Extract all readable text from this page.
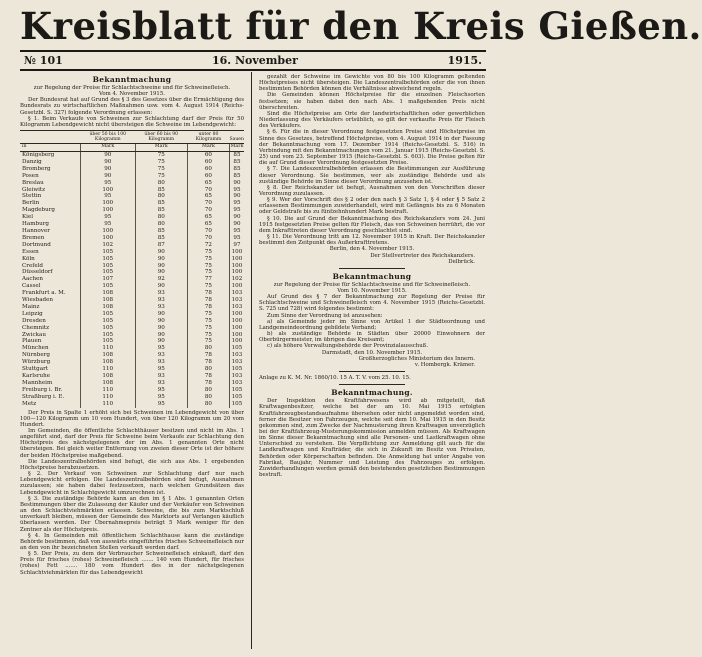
Kreisblatt für den Kreis Gießen.
№ 101	16. November	1915.
Bekanntmachung
zur Regelung der Preise für Schlachtschweine und für Schweinefleisch.
Vom 4. November 1915.

Der Bundesrat hat auf Grund des § 3 des Gesetzes über die Ermächtigung des Bundesrats zu wirtschaftlichen Maßnahmen usw. vom 4. August 1914 (Reichs-Gesetzbl. S. 327) folgende Verordnung erlassen:

§ 1. Beim Verkaufe von Schweinen zur Schlachtung darf der Preis für 50 Kilogramm Lebendgewicht nicht übersteigen die Schweine im Lebendgewicht:

	über 50 bis 100 Kilogramm	über 60 bis 90 Kilogramm	unter 80 Kilogramm	Sauen
in	Mark	Mark	Mark	Mark
Königsberg	90	75	60	85
Danzig	90	75	60	85
Bromberg	90	75	60	85
Posen	90	75	60	85
Breslau	95	80	65	90
Gleiwitz	100	85	70	95
Stettin	95	80	65	90
Berlin	100	85	70	95
Magdeburg	100	85	70	95
Kiel	95	80	65	90
Hamburg	95	80	65	90
Hannover	100	85	70	95
Bremen	100	85	70	95
Dortmund	102	87	72	97
Essen	105	90	75	100
Köln	105	90	75	100
Crefeld	105	90	75	100
Düsseldorf	105	90	75	100
Aachen	107	92	77	102
Cassel	105	90	75	100
Frankfurt a. M.	108	93	78	103
Wiesbaden	108	93	78	103
Mainz	108	93	78	103
Leipzig	105	90	75	100
Dresden	105	90	75	100
Chemnitz	105	90	75	100
Zwickau	105	90	75	100
Plauen	105	90	75	100
München	110	95	80	105
Nürnberg	108	93	78	103
Würzburg	108	93	78	103
Stuttgart	110	95	80	105
Karlsruhe	108	93	78	103
Mannheim	108	93	78	103
Freiburg i. Br.	110	95	80	105
Straßburg i. E.	110	95	80	105
Metz	110	95	80	105

Der Preis in Spalte 1 erhöht sich bei Schweinen im Lebendgewicht von über 100—120 Kilogramm um 10 vom Hundert, von über 120 Kilogramm um 20 vom Hundert.

Im Gemeinden, die öffentliche Schlachthäuser besitzen und nicht im Abs. 1 angeführt sind, darf der Preis für Schweine beim Verkaufe zur Schlachtung den Höchstpreis des nächstgelegenen der im Abs. 1 genannten Orte nicht übersteigen. Bei gleich weiter Entfernung von zweien dieser Orte ist der höhere der beiden Höchstpreise maßgebend.

Die Landeszentralbehörden sind befugt, die sich aus Abs. 1 ergebenden Höchstpreise herabzusetzen.

§ 2. Der Verkauf von Schweinen zur Schlachtung darf nur nach Lebendgewicht erfolgen. Die Landeszentralbehörden sind befugt, Ausnahmen zuzulassen; sie haben dabei festzusetzen, nach welchen Grundsätzen das Lebendgewicht in Schlachtgewicht umzurechnen ist.

§ 3. Die zuständige Behörde kann an den im § 1 Abs. 1 genannten Orten Bestimmungen über die Zulassung der Käufer und der Verkäufer von Schweinen an den Schlachtviehmärkten erlassen. Schweine, die bis zum Marktschluß unverkauft bleiben, müssen der Gemeinde des Marktorts auf Verlangen käuflich überlassen werden. Der Übernahmepreis beträgt 5 Mark weniger für den Zentner als der Höchstpreis.

§ 4. In Gemeinden mit öffentlichem Schlachthause kann die zuständige Behörde bestimmen, daß von auswärts eingeführtes frisches Schweinefleisch nur an den von ihr bezeichneten Stellen verkauft werden darf.

§ 5. Der Preis, zu dem der Verbraucher Schweinefleisch einkauft, darf den Preis für frisches (rohes) Schweinefleisch ....... 140 vom Hundert, für frisches (rohes) Fett ....... 180 vom Hundert des in der nächstgelegenen Schlachtviehmärkten für das Lebendgewicht

gezahlt der Schweine im Gewichte von 80 bis 100 Kilogramm geltenden Höchstpreises nicht übersteigen. Die Landeszentralbehörden oder die von ihnen bestimmten Behörden können die Verhältnisse abweichend regeln.

Die Gemeinden können Höchstpreise für die einzelnen Fleischsorten festsetzen; sie haben dabei den nach Abs. 1 maßgebenden Preis nicht überschreiten.

Sind die Höchstpreise am Orte der landwirtschaftlichen oder gewerblichen Niederlassung des Verkäufers ortsüblich, so gilt der verkaufte Preis für Fleisch des Verkäufers.

§ 6. Für die in dieser Verordnung festgesetzten Preise sind Höchstpreise im Sinne des Gesetzes, betreffend Höchstpreise, vom 4. August 1914 in der Fassung der Bekanntmachung vom 17. Dezember 1914 (Reichs-Gesetzbl. S. 516) in Verbindung mit den Bekanntmachungen vom 21. Januar 1915 (Reichs-Gesetzbl. S. 25) und vom 23. September 1915 (Reichs-Gesetzbl. S. 603). Die Preise gelten für die auf Grund dieser Verordnung festgesetzten Preise.

§ 7. Die Landeszentralbehörden erlassen die Bestimmungen zur Ausführung dieser Verordnung. Sie bestimmen, wer als zuständige Behörde und als zuständige Behörde im Sinne dieser Verordnung anzusehen ist.

§ 8. Der Reichskanzler ist befugt, Ausnahmen von den Vorschriften dieser Verordnung zuzulassen.

§ 9. Wer der Vorschrift des § 2 oder den nach § 3 Satz 1, § 4 oder § 5 Satz 2 erlassenen Bestimmungen zuwiderhandelt, wird mit Gefängnis bis zu 6 Monaten oder Geldstrafe bis zu fünfzehnhundert Mark bestraft.

§ 10. Die auf Grund der Bekanntmachung des Reichskanzlers vom 24. Juni 1915 festgesetzten Preise gelten für Fleisch, das von Schweinen herrührt, die vor dem Inkrafttreten dieser Verordnung geschlachtet sind.

§ 11. Die Verordnung tritt am 12. November 1915 in Kraft. Der Reichskanzler bestimmt den Zeitpunkt des Außerkrafttretens.

Berlin, den 4. November 1915.
Der Stellvertreter des Reichskanzlers.
Delbrück.
Bekanntmachung
zur Regelung der Preise für Schlachtschweine und für Schweinefleisch.
Vom 10. November 1915.

Auf Grund des § 7 der Bekanntmachung zur Regelung der Preise für Schlachtschweine und Schweinefleisch vom 4. November 1915 (Reichs-Gesetzbl. S. 725 und 728) wird folgendes bestimmt:

Zum Sinne der Verordnung ist anzusehen:

a) als Gemeinde jeder im Sinne von Artikel 1 der Städteordnung und Landgemeindeordnung gebildete Verband;

b) als zuständige Behörde in Städten über 20000 Einwohnern der Oberbürgermeister, im übrigen das Kreisamt;

c) als höhere Verwaltungsbehörde der Provinzialausschuß.

Darmstadt, den 10. November 1915.
Großherzogliches Ministerium des Innern.
v. Hombergk. Krämer.

Anlage zu K. M. Nr. 1860/10. 15 A. T. V. vom 25. 10. 15.

Bekanntmachung.

Der Inspektion des Kraftfahrwesens wird ab mitgeteilt, daß Kraftwagenbesitzer, welche bei der am 10. Mai 1915 erfolgten Kraftfahrzeugbestandsaufnahme übersehen oder nicht angemeldet worden sind, ferner die Besitzer von Fahrzeugen, welche seit dem 10. Mai 1915 in den Besitz gekommen sind, zum Zwecke der Nachmusterung ihren Kraftwagen unverzüglich bei der Kraftfahrzeug-Musterungskommission anmelden müssen. Als Kraftwagen im Sinne dieser Bekanntmachung sind alle Personen- und Lastkraftwagen ohne Unterschied zu verstehen. Die Verpflichtung zur Anmeldung gilt auch für die Landkraftwagen und Krafträder, die sich in Zukunft im Besitz von Privaten, Behörden oder Körperschaften befinden. Die Anmeldung hat unter Angabe von Fabrikat, Baujahr, Nummer und Leistung des Fahrzeuges zu erfolgen. Zuwiderhandlungen werden gemäß den bestehenden gesetzlichen Bestimmungen bestraft.
